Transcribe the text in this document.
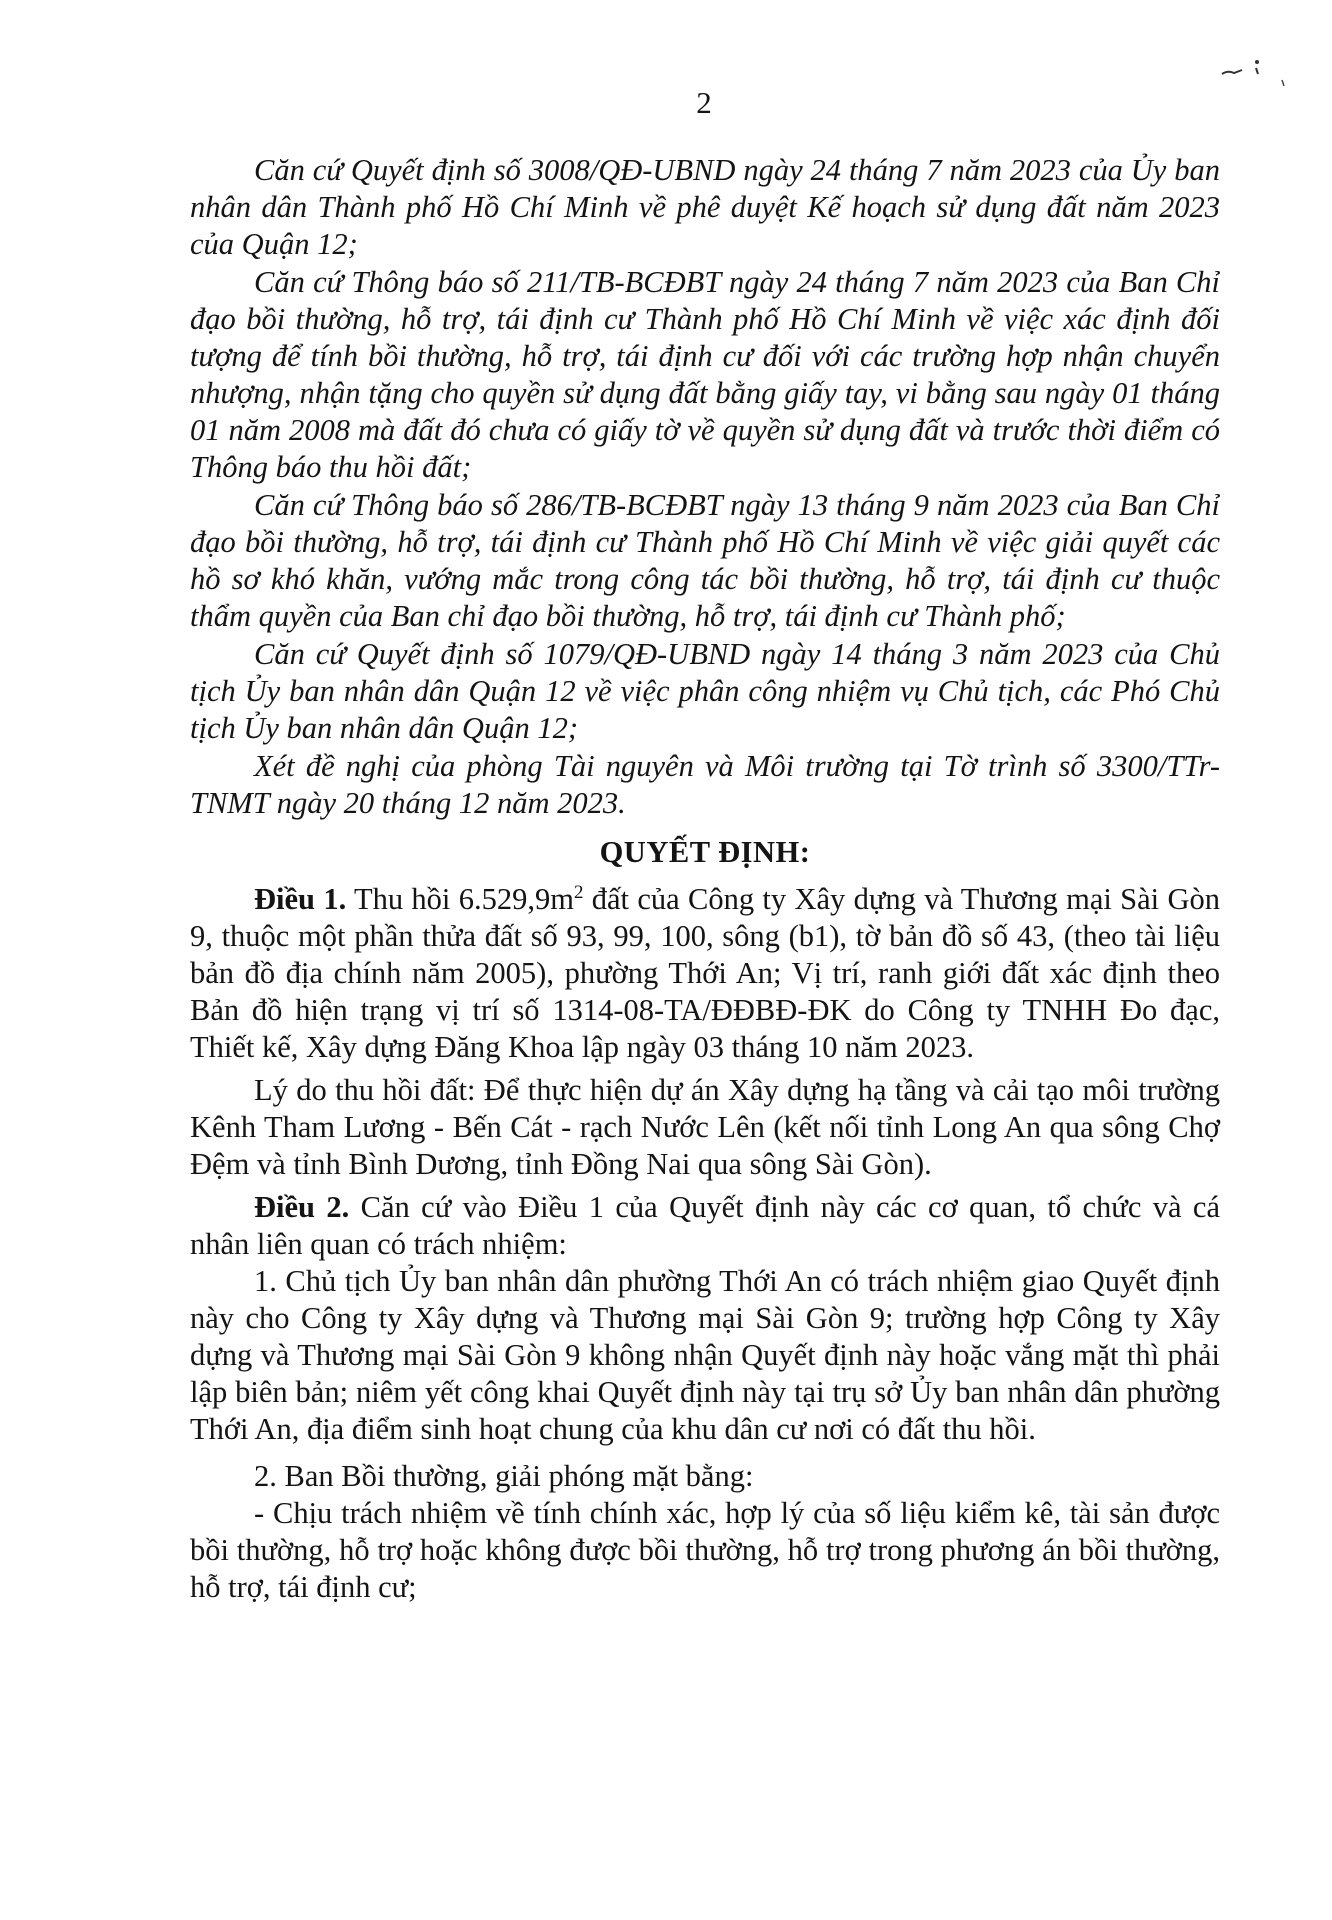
2

Căn cứ Quyết định số 3008/QĐ-UBND ngày 24 tháng 7 năm 2023 của Ủy ban nhân dân Thành phố Hồ Chí Minh về phê duyệt Kế hoạch sử dụng đất năm 2023 của Quận 12;

Căn cứ Thông báo số 211/TB-BCĐBT ngày 24 tháng 7 năm 2023 của Ban Chỉ đạo bồi thường, hỗ trợ, tái định cư Thành phố Hồ Chí Minh về việc xác định đối tượng để tính bồi thường, hỗ trợ, tái định cư đối với các trường hợp nhận chuyển nhượng, nhận tặng cho quyền sử dụng đất bằng giấy tay, vi bằng sau ngày 01 tháng 01 năm 2008 mà đất đó chưa có giấy tờ về quyền sử dụng đất và trước thời điểm có Thông báo thu hồi đất;

Căn cứ Thông báo số 286/TB-BCĐBT ngày 13 tháng 9 năm 2023 của Ban Chỉ đạo bồi thường, hỗ trợ, tái định cư Thành phố Hồ Chí Minh về việc giải quyết các hồ sơ khó khăn, vướng mắc trong công tác bồi thường, hỗ trợ, tái định cư thuộc thẩm quyền của Ban chỉ đạo bồi thường, hỗ trợ, tái định cư Thành phố;

Căn cứ Quyết định số 1079/QĐ-UBND ngày 14 tháng 3 năm 2023 của Chủ tịch Ủy ban nhân dân Quận 12 về việc phân công nhiệm vụ Chủ tịch, các Phó Chủ tịch Ủy ban nhân dân Quận 12;

Xét đề nghị của phòng Tài nguyên và Môi trường tại Tờ trình số 3300/TTr-TNMT ngày 20 tháng 12 năm 2023.

QUYẾT ĐỊNH:

Điều 1. Thu hồi $6.529,9m^2$ đất của Công ty Xây dựng và Thương mại Sài Gòn 9, thuộc một phần thửa đất số 93, 99, 100, sông (b1), tờ bản đồ số 43, (theo tài liệu bản đồ địa chính năm 2005), phường Thới An; Vị trí, ranh giới đất xác định theo Bản đồ hiện trạng vị trí số 1314-08-TA/ĐĐBĐ-ĐK do Công ty TNHH Đo đạc, Thiết kế, Xây dựng Đăng Khoa lập ngày 03 tháng 10 năm 2023.

Lý do thu hồi đất: Để thực hiện dự án Xây dựng hạ tầng và cải tạo môi trường Kênh Tham Lương - Bến Cát - rạch Nước Lên (kết nối tỉnh Long An qua sông Chợ Đệm và tỉnh Bình Dương, tỉnh Đồng Nai qua sông Sài Gòn).

Điều 2. Căn cứ vào Điều 1 của Quyết định này các cơ quan, tổ chức và cá nhân liên quan có trách nhiệm:

1. Chủ tịch Ủy ban nhân dân phường Thới An có trách nhiệm giao Quyết định này cho Công ty Xây dựng và Thương mại Sài Gòn 9; trường hợp Công ty Xây dựng và Thương mại Sài Gòn 9 không nhận Quyết định này hoặc vắng mặt thì phải lập biên bản; niêm yết công khai Quyết định này tại trụ sở Ủy ban nhân dân phường Thới An, địa điểm sinh hoạt chung của khu dân cư nơi có đất thu hồi.

2. Ban Bồi thường, giải phóng mặt bằng:

- Chịu trách nhiệm về tính chính xác, hợp lý của số liệu kiểm kê, tài sản được bồi thường, hỗ trợ hoặc không được bồi thường, hỗ trợ trong phương án bồi thường, hỗ trợ, tái định cư;
